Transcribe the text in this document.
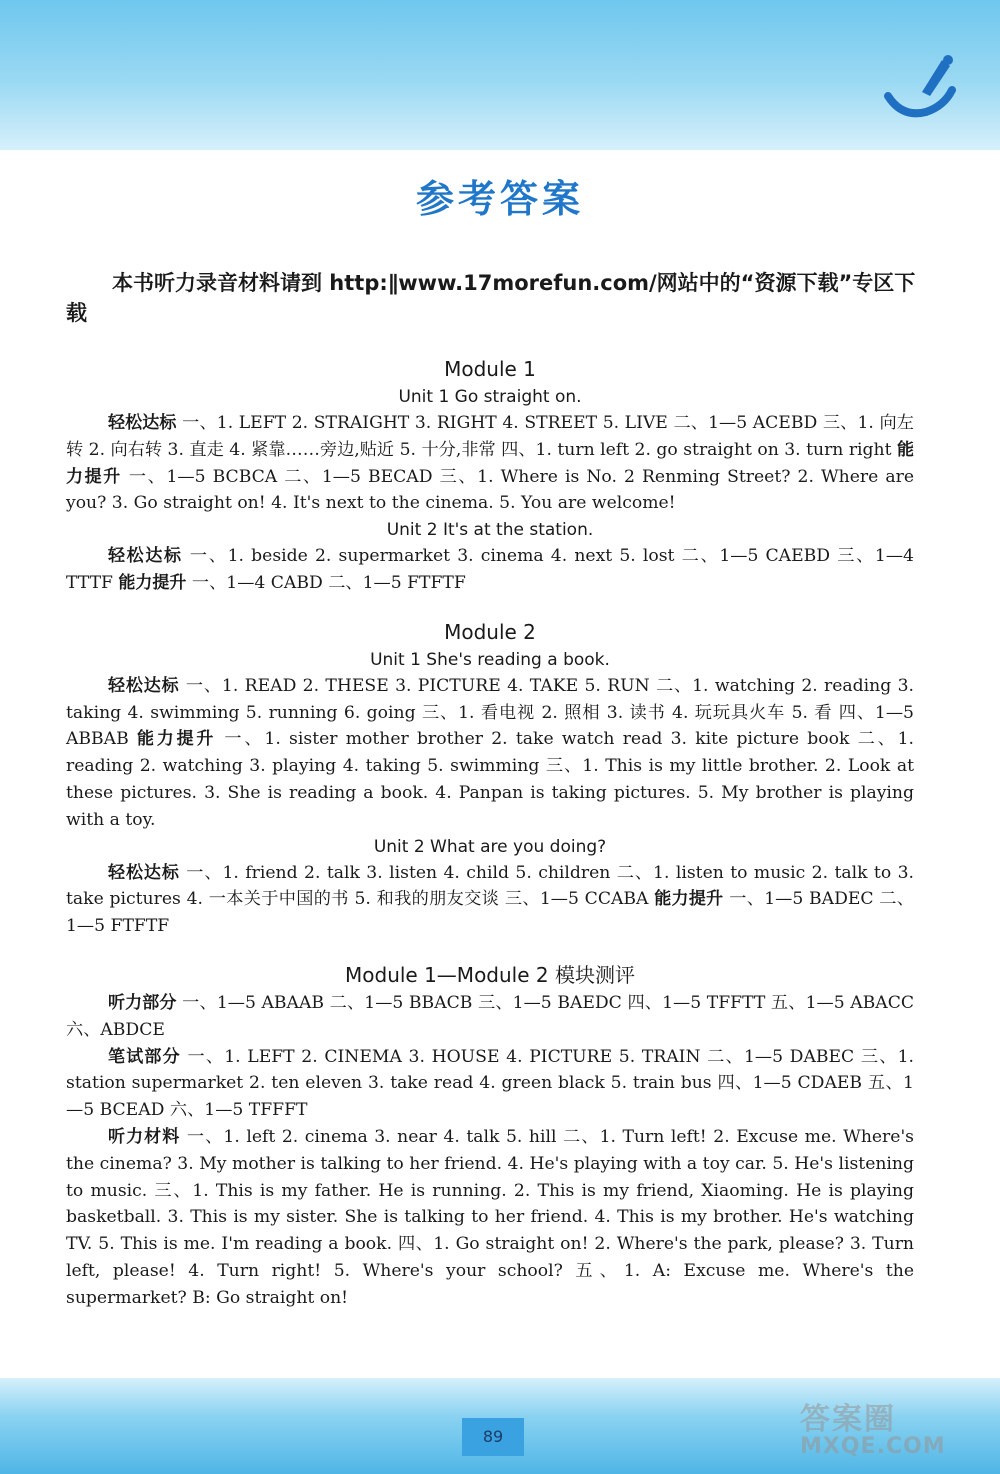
参考答案
本书听力录音材料请到 http:∥www.17morefun.com/网站中的“资源下载”专区下载
Module 1
Unit 1 Go straight on.

轻松达标 一、1. LEFT 2. STRAIGHT 3. RIGHT 4. STREET 5. LIVE 二、1—5 ACEBD 三、1. 向左转 2. 向右转 3. 直走 4. 紧靠……旁边,贴近 5. 十分,非常 四、1. turn left 2. go straight on 3. turn right 能力提升 一、1—5 BCBCA 二、1—5 BECAD 三、1. Where is No. 2 Renming Street? 2. Where are you? 3. Go straight on! 4. It's next to the cinema. 5. You are welcome!

Unit 2 It's at the station.

轻松达标 一、1. beside 2. supermarket 3. cinema 4. next 5. lost 二、1—5 CAEBD 三、1—4 TTTF 能力提升 一、1—4 CABD 二、1—5 FTFTF

Module 2
Unit 1 She's reading a book.

轻松达标 一、1. READ 2. THESE 3. PICTURE 4. TAKE 5. RUN 二、1. watching 2. reading 3. taking 4. swimming 5. running 6. going 三、1. 看电视 2. 照相 3. 读书 4. 玩玩具火车 5. 看 四、1—5 ABBAB 能力提升 一、1. sister mother brother 2. take watch read 3. kite picture book 二、1. reading 2. watching 3. playing 4. taking 5. swimming 三、1. This is my little brother. 2. Look at these pictures. 3. She is reading a book. 4. Panpan is taking pictures. 5. My brother is playing with a toy.

Unit 2 What are you doing?

轻松达标 一、1. friend 2. talk 3. listen 4. child 5. children 二、1. listen to music 2. talk to 3. take pictures 4. 一本关于中国的书 5. 和我的朋友交谈 三、1—5 CCABA 能力提升 一、1—5 BADEC 二、1—5 FTFTF

Module 1—Module 2 模块测评

听力部分 一、1—5 ABAAB 二、1—5 BBACB 三、1—5 BAEDC 四、1—5 TFFTT 五、1—5 ABACC 六、ABDCE

笔试部分 一、1. LEFT 2. CINEMA 3. HOUSE 4. PICTURE 5. TRAIN 二、1—5 DABEC 三、1. station supermarket 2. ten eleven 3. take read 4. green black 5. train bus 四、1—5 CDAEB 五、1—5 BCEAD 六、1—5 TFFFT

听力材料 一、1. left 2. cinema 3. near 4. talk 5. hill 二、1. Turn left! 2. Excuse me. Where's the cinema? 3. My mother is talking to her friend. 4. He's playing with a toy car. 5. He's listening to music. 三、1. This is my father. He is running. 2. This is my friend, Xiaoming. He is playing basketball. 3. This is my sister. She is talking to her friend. 4. This is my brother. He's watching TV. 5. This is me. I'm reading a book. 四、1. Go straight on! 2. Where's the park, please? 3. Turn left, please! 4. Turn right! 5. Where's your school? 五、1. A: Excuse me. Where's the supermarket? B: Go straight on!

89	答案圈
MXQE.COM
